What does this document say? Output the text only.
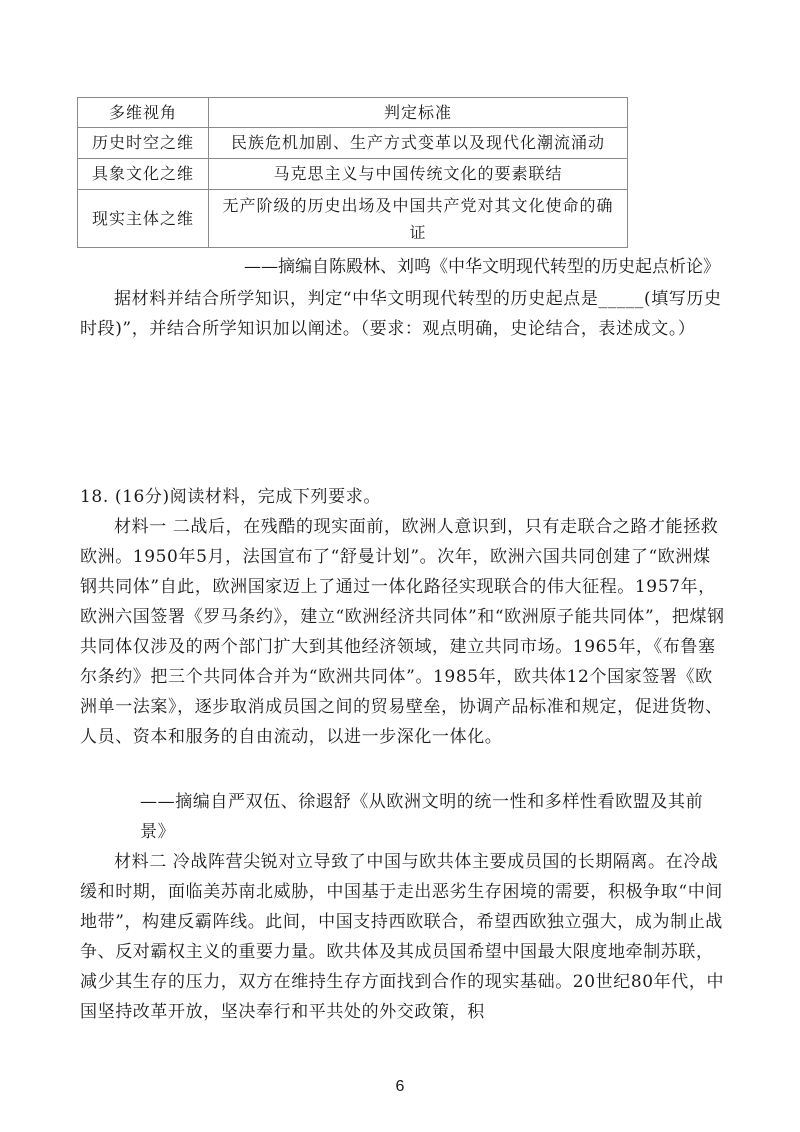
多维视角	判定标准
历史时空之维	民族危机加剧、生产方式变革以及现代化潮流涌动
具象文化之维	马克思主义与中国传统文化的要素联结
现实主体之维	无产阶级的历史出场及中国共产党对其文化使命的确证
——摘编自陈殿林、刘鸣《中华文明现代转型的历史起点析论》
据材料并结合所学知识，判定“中华文明现代转型的历史起点是_____(填写历史时段)”，并结合所学知识加以阐述。（要求：观点明确，史论结合，表述成文。）
18. (16分)阅读材料，完成下列要求。
材料一 二战后，在残酷的现实面前，欧洲人意识到，只有走联合之路才能拯救欧洲。1950年5月，法国宣布了“舒曼计划”。次年，欧洲六国共同创建了“欧洲煤钢共同体”自此，欧洲国家迈上了通过一体化路径实现联合的伟大征程。1957年，欧洲六国签署《罗马条约》，建立“欧洲经济共同体”和“欧洲原子能共同体”，把煤钢共同体仅涉及的两个部门扩大到其他经济领域，建立共同市场。1965年，《布鲁塞尔条约》把三个共同体合并为“欧洲共同体”。1985年，欧共体12个国家签署《欧洲单一法案》，逐步取消成员国之间的贸易壁垒，协调产品标准和规定，促进货物、人员、资本和服务的自由流动，以进一步深化一体化。
——摘编自严双伍、徐遐舒《从欧洲文明的统一性和多样性看欧盟及其前景》
材料二 冷战阵营尖锐对立导致了中国与欧共体主要成员国的长期隔离。在冷战缓和时期，面临美苏南北威胁，中国基于走出恶劣生存困境的需要，积极争取“中间地带”，构建反霸阵线。此间，中国支持西欧联合，希望西欧独立强大，成为制止战争、反对霸权主义的重要力量。欧共体及其成员国希望中国最大限度地牵制苏联，减少其生存的压力，双方在维持生存方面找到合作的现实基础。20世纪80年代，中国坚持改革开放，坚决奉行和平共处的外交政策，积
6
